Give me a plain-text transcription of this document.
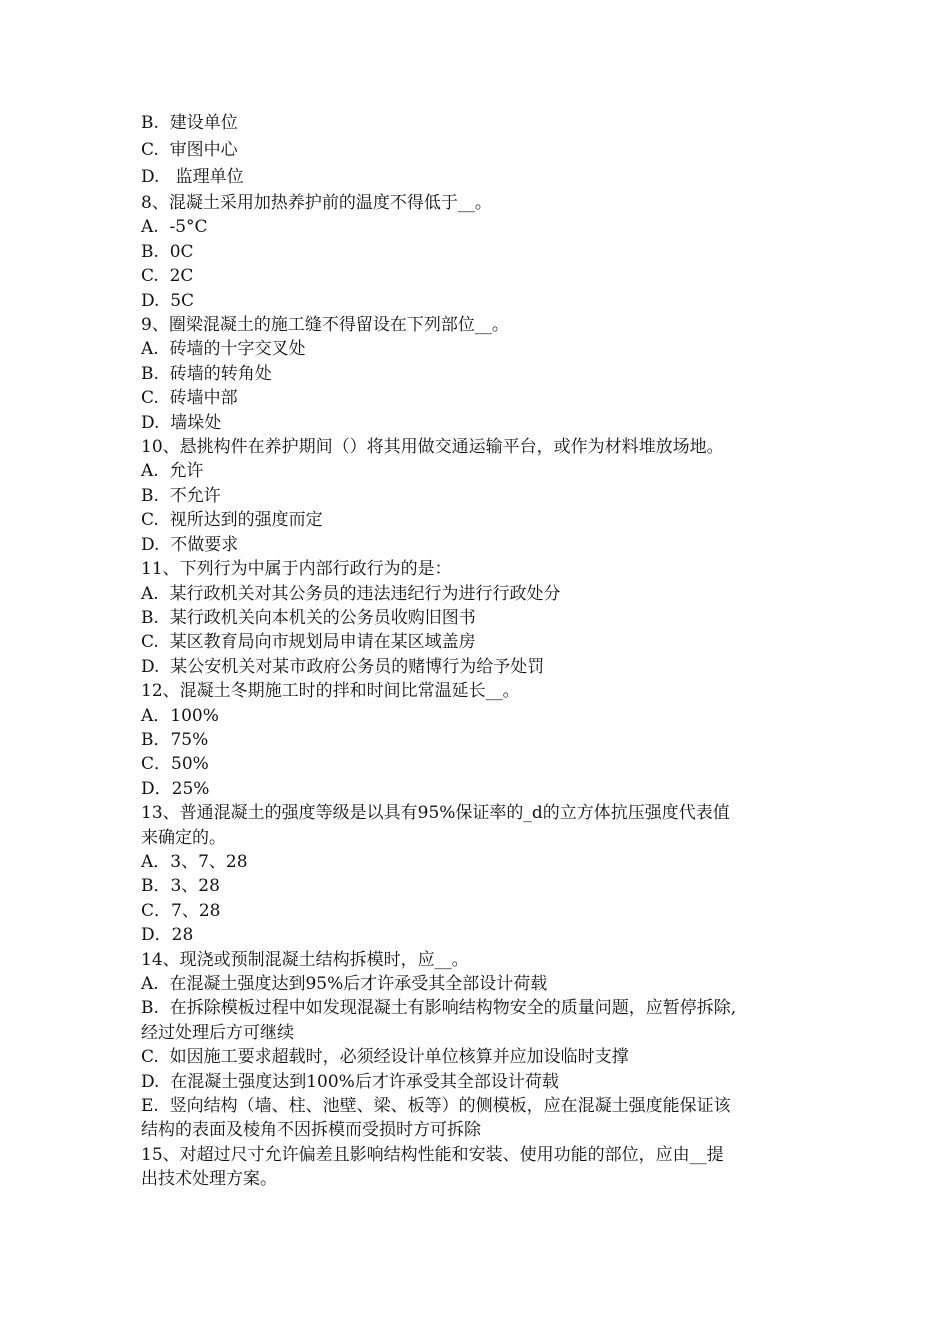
B.  建设单位
C.  审图中心
D.   监理单位
8、混凝土采用加热养护前的温度不得低于__。
A.  -5°C
B.  0C
C.  2C
D.  5C
9、圈梁混凝土的施工缝不得留设在下列部位__。
A.  砖墙的十字交叉处
B.  砖墙的转角处
C.  砖墙中部
D.  墙垛处
10、悬挑构件在养护期间（）将其用做交通运输平台，或作为材料堆放场地。
A.  允许
B.  不允许
C.  视所达到的强度而定
D.  不做要求
11、下列行为中属于内部行政行为的是：
A.  某行政机关对其公务员的违法违纪行为进行行政处分
B.  某行政机关向本机关的公务员收购旧图书
C.  某区教育局向市规划局申请在某区域盖房
D.  某公安机关对某市政府公务员的赌博行为给予处罚
12、混凝土冬期施工时的拌和时间比常温延长__。
A．100%
B．75%
C．50%
D．25%
13、普通混凝土的强度等级是以具有95%保证率的_d的立方体抗压强度代表值
来确定的。
A．3、7、28
B．3、28
C．7、28
D．28
14、现浇或预制混凝土结构拆模时，应__。
A.  在混凝土强度达到95%后才许承受其全部设计荷载
B.  在拆除模板过程中如发现混凝土有影响结构物安全的质量问题，应暂停拆除,
经过处理后方可继续
C.  如因施工要求超载时，必须经设计单位核算并应加设临时支撑
D.  在混凝土强度达到100%后才许承受其全部设计荷载
E.  竖向结构（墙、柱、池壁、梁、板等）的侧模板，应在混凝土强度能保证该
结构的表面及棱角不因拆模而受损时方可拆除
15、对超过尺寸允许偏差且影响结构性能和安装、使用功能的部位，应由__提
出技术处理方案。
